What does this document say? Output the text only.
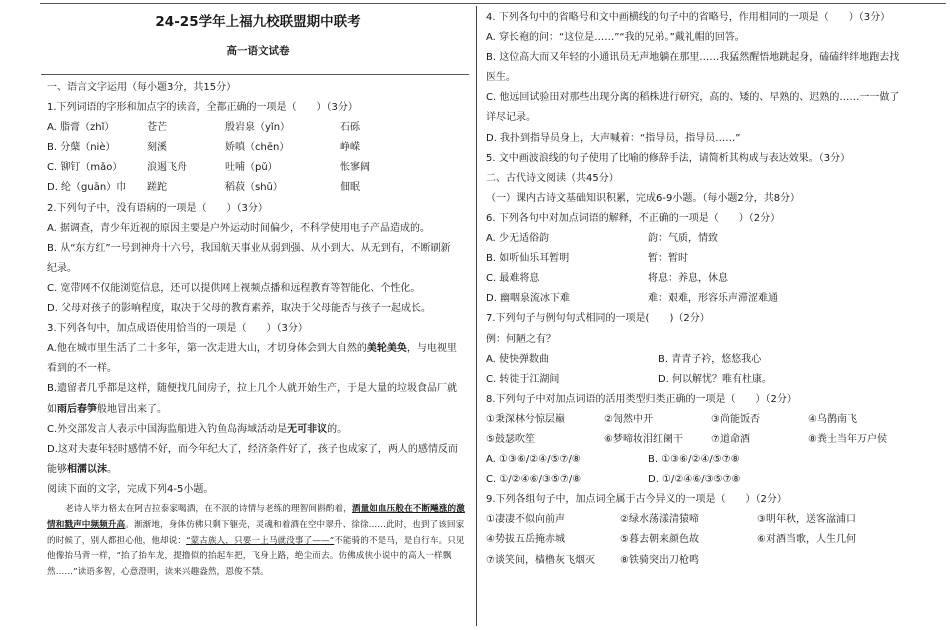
24-25学年上福九校联盟期中联考
高一语文试卷
一、语言文字运用（每小题3分，共15分）
1.下列词语的字形和加点字的读音，全都正确的一项是（　　）（3分）
A. 脂膏（zhǐ）	苍芒	殷岩泉（yǐn）	石砾
B. 分蘖（niè）	刻溪	娇嗔（chēn）	峥嵘
C. 铆钉（mǎo）	浪遏飞舟	吐哺（pǔ）	怅寥阔
D. 纶（guān）巾	蹉跎	稻菽（shū）	佃眠
2.下列句子中，没有语病的一项是（　　）（3分）
A. 据调查，青少年近视的原因主要是户外运动时间偏少，不科学使用电子产品造成的。
B. 从“东方红”一号到神舟十六号，我国航天事业从弱到强、从小到大、从无到有，不断刷新
纪录。
C. 宽带网不仅能浏览信息，还可以提供网上视频点播和远程教育等智能化、个性化。
D. 父母对孩子的影响程度，取决于父母的教育素养，取决于父母能否与孩子一起成长。
3.下列各句中，加点成语使用恰当的一项是（　　）（3分）
A.他在城市里生活了二十多年，第一次走进大山，才切身体会到大自然的美轮美奂，与电视里
看到的不一样。
B.遗留者几乎都是这样，随便找几间房子，拉上几个人就开始生产，于是大量的垃圾食品厂就
如雨后春笋般地冒出来了。
C.外交部发言人表示中国海监船进入钓鱼岛海域活动是无可非议的。
D.这对夫妻年轻时感情不好，而今年纪大了，经济条件好了，孩子也成家了，两人的感情反而
能够相濡以沫。
阅读下面的文字，完成下列4-5小题。
老诗人毕力格太在阿吉拉泰家喝酒，在不泯的诗情与老练的理智间斟酌着，酒量如血压般在不断飚涨的激情和戮声中频频升高。渐渐地，身体仿佛只剩下躯壳，灵魂和着酒在空中翠升、徐徐……此时，也到了该回家的时候了，别人都担心他，他却说：“蒙古族人，只要一上马就没事了——”不能骑的不是马，是自行车。只见他像抬马背一样，“抬了抬车龙，提撸似的抬起车把，飞身上路，绝尘而去。仿佛成侠小说中的高人一样飘然……”读语多智，心意澄明，读来兴趣盎然，恩俊不禁。
4. 下列各句中的省略号和文中画横线的句子中的省略号，作用相同的一项是（　　）（3分）
A. 穿长袍的问：“这位是……”“我的兄弟。”戴礼帽的回答。
B. 这位高大而又年轻的小通讯员无声地躺在那里……我猛然醒悟地跳起身，磕磕绊绊地跑去找
医生。
C. 他远回试验田对那些出现分离的稻株进行研究，高的、矮的、早熟的、迟熟的……一一做了
详尽记录。
D. 我扑到指导员身上，大声喊着：“指导员，指导员……”
5. 文中画波浪线的句子使用了比喻的修辞手法，请简析其构成与表达效果。（3分）
二、古代诗文阅读（共45分）
（一）课内古诗文基础知识积累，完成6-9小题。（每小题2分，共8分）
6. 下列各句中对加点词语的解释，不正确的一项是（　　）（2分）
A. 少无适俗韵	韵：气质，情致
B. 如听仙乐耳暂明	暂：暂时
C. 最难将息	将息：养息，休息
D. 幽咽泉流冰下难	难：艰难，形容乐声滞涩难通
7.下列句子与例句句式相同的一项是(　　)（2分）
例：何陋之有？
A. 使快弹数曲	B. 青青子衿，悠悠我心
C. 转徙于江湖间	D. 何以解忧？唯有杜康。
8.下列句子中对加点词语的活用类型归类正确的一项是（　　）（2分）
①秉深林兮惊层巅	②訇然中开	③尚能饭否	④乌鹊南飞
⑤鼓瑟吹笙	⑥梦啼妆泪红阑干	⑦道命酒	⑧粪土当年万户侯
A. ①③⑥/②④/⑤⑦/⑧	B. ①③⑥/②④/⑤⑦⑧
C. ①/②④⑥/③⑤⑦/⑧	D. ①/②④⑥/③⑤⑦⑧
9.下列各组句子中，加点词全属于古今异义的一项是（　　）（2分）
①凄凄不似向前声	②绿水荡漾清猿啼	③明年秋，送客湓浦口
④势拔五岳掩赤城	⑤暮去朝来颜色故	⑥对酒当歌，人生几何
⑦谈笑间，樯橹灰飞烟灭	⑧铁骑突出刀枪鸣
